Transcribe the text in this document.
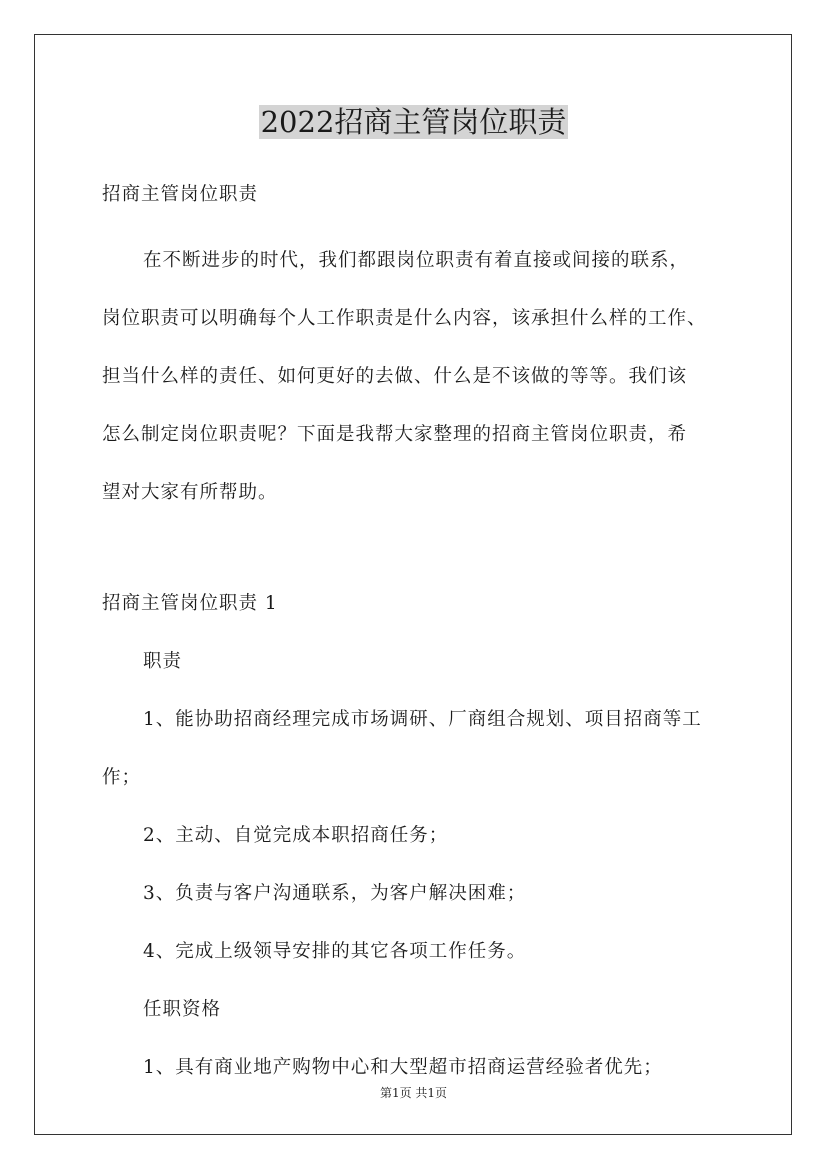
2022招商主管岗位职责
招商主管岗位职责
在不断进步的时代，我们都跟岗位职责有着直接或间接的联系，
岗位职责可以明确每个人工作职责是什么内容，该承担什么样的工作、
担当什么样的责任、如何更好的去做、什么是不该做的等等。我们该
怎么制定岗位职责呢？下面是我帮大家整理的招商主管岗位职责，希
望对大家有所帮助。
招商主管岗位职责 1
职责
1、能协助招商经理完成市场调研、厂商组合规划、项目招商等工
作；
2、主动、自觉完成本职招商任务；
3、负责与客户沟通联系，为客户解决困难；
4、完成上级领导安排的其它各项工作任务。
任职资格
1、具有商业地产购物中心和大型超市招商运营经验者优先；
第1页 共1页
